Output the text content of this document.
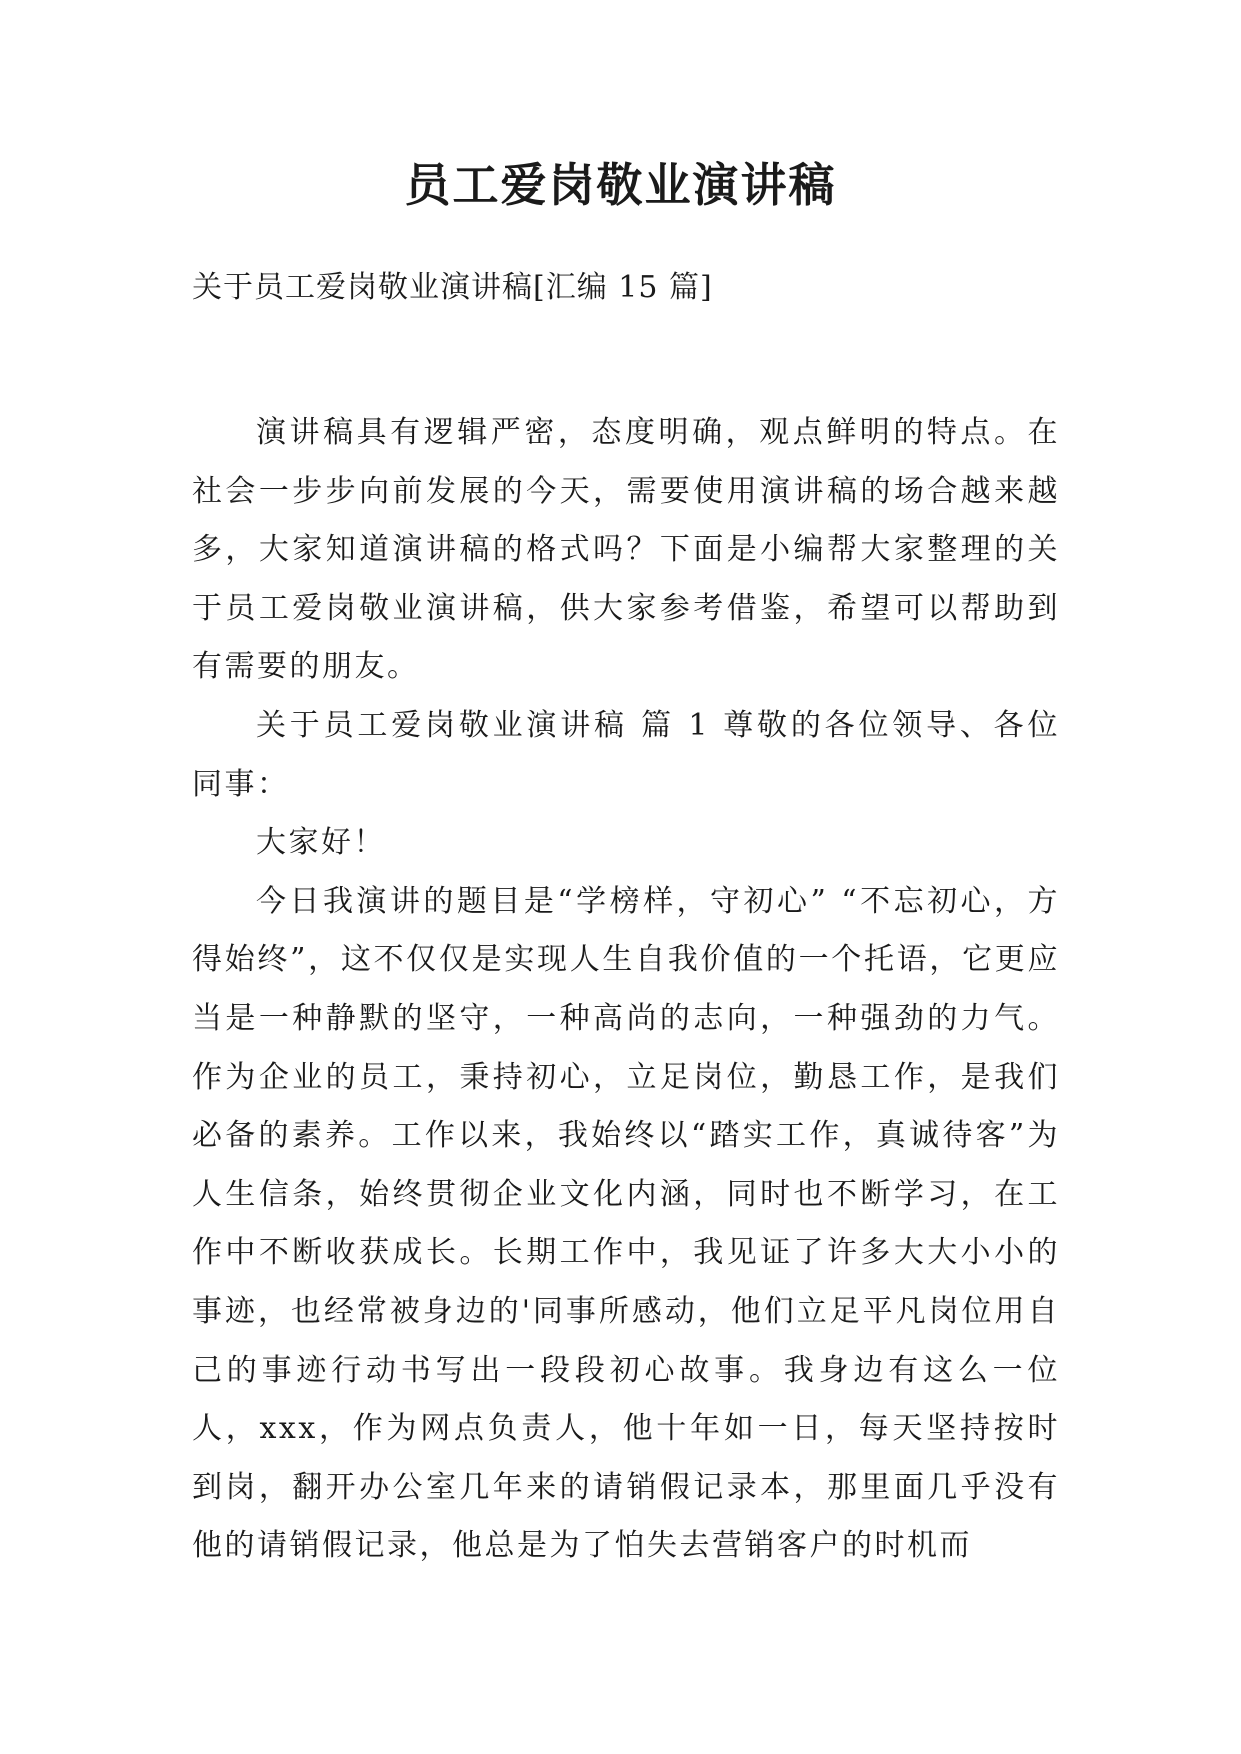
员工爱岗敬业演讲稿
关于员工爱岗敬业演讲稿[汇编 15 篇]

演讲稿具有逻辑严密，态度明确，观点鲜明的特点。在社会一步步向前发展的今天，需要使用演讲稿的场合越来越多，大家知道演讲稿的格式吗？下面是小编帮大家整理的关于员工爱岗敬业演讲稿，供大家参考借鉴，希望可以帮助到有需要的朋友。

关于员工爱岗敬业演讲稿 篇 1 尊敬的各位领导、各位同事：

大家好！

今日我演讲的题目是“学榜样，守初心” “不忘初心，方得始终”，这不仅仅是实现人生自我价值的一个托语，它更应当是一种静默的坚守，一种高尚的志向，一种强劲的力气。作为企业的员工，秉持初心，立足岗位，勤恳工作，是我们必备的素养。工作以来，我始终以“踏实工作，真诚待客”为人生信条，始终贯彻企业文化内涵，同时也不断学习，在工作中不断收获成长。长期工作中，我见证了许多大大小小的事迹，也经常被身边的'同事所感动，他们立足平凡岗位用自己的事迹行动书写出一段段初心故事。我身边有这么一位人，xxx，作为网点负责人，他十年如一日，每天坚持按时到岗，翻开办公室几年来的请销假记录本，那里面几乎没有他的请销假记录，他总是为了怕失去营销客户的时机而
